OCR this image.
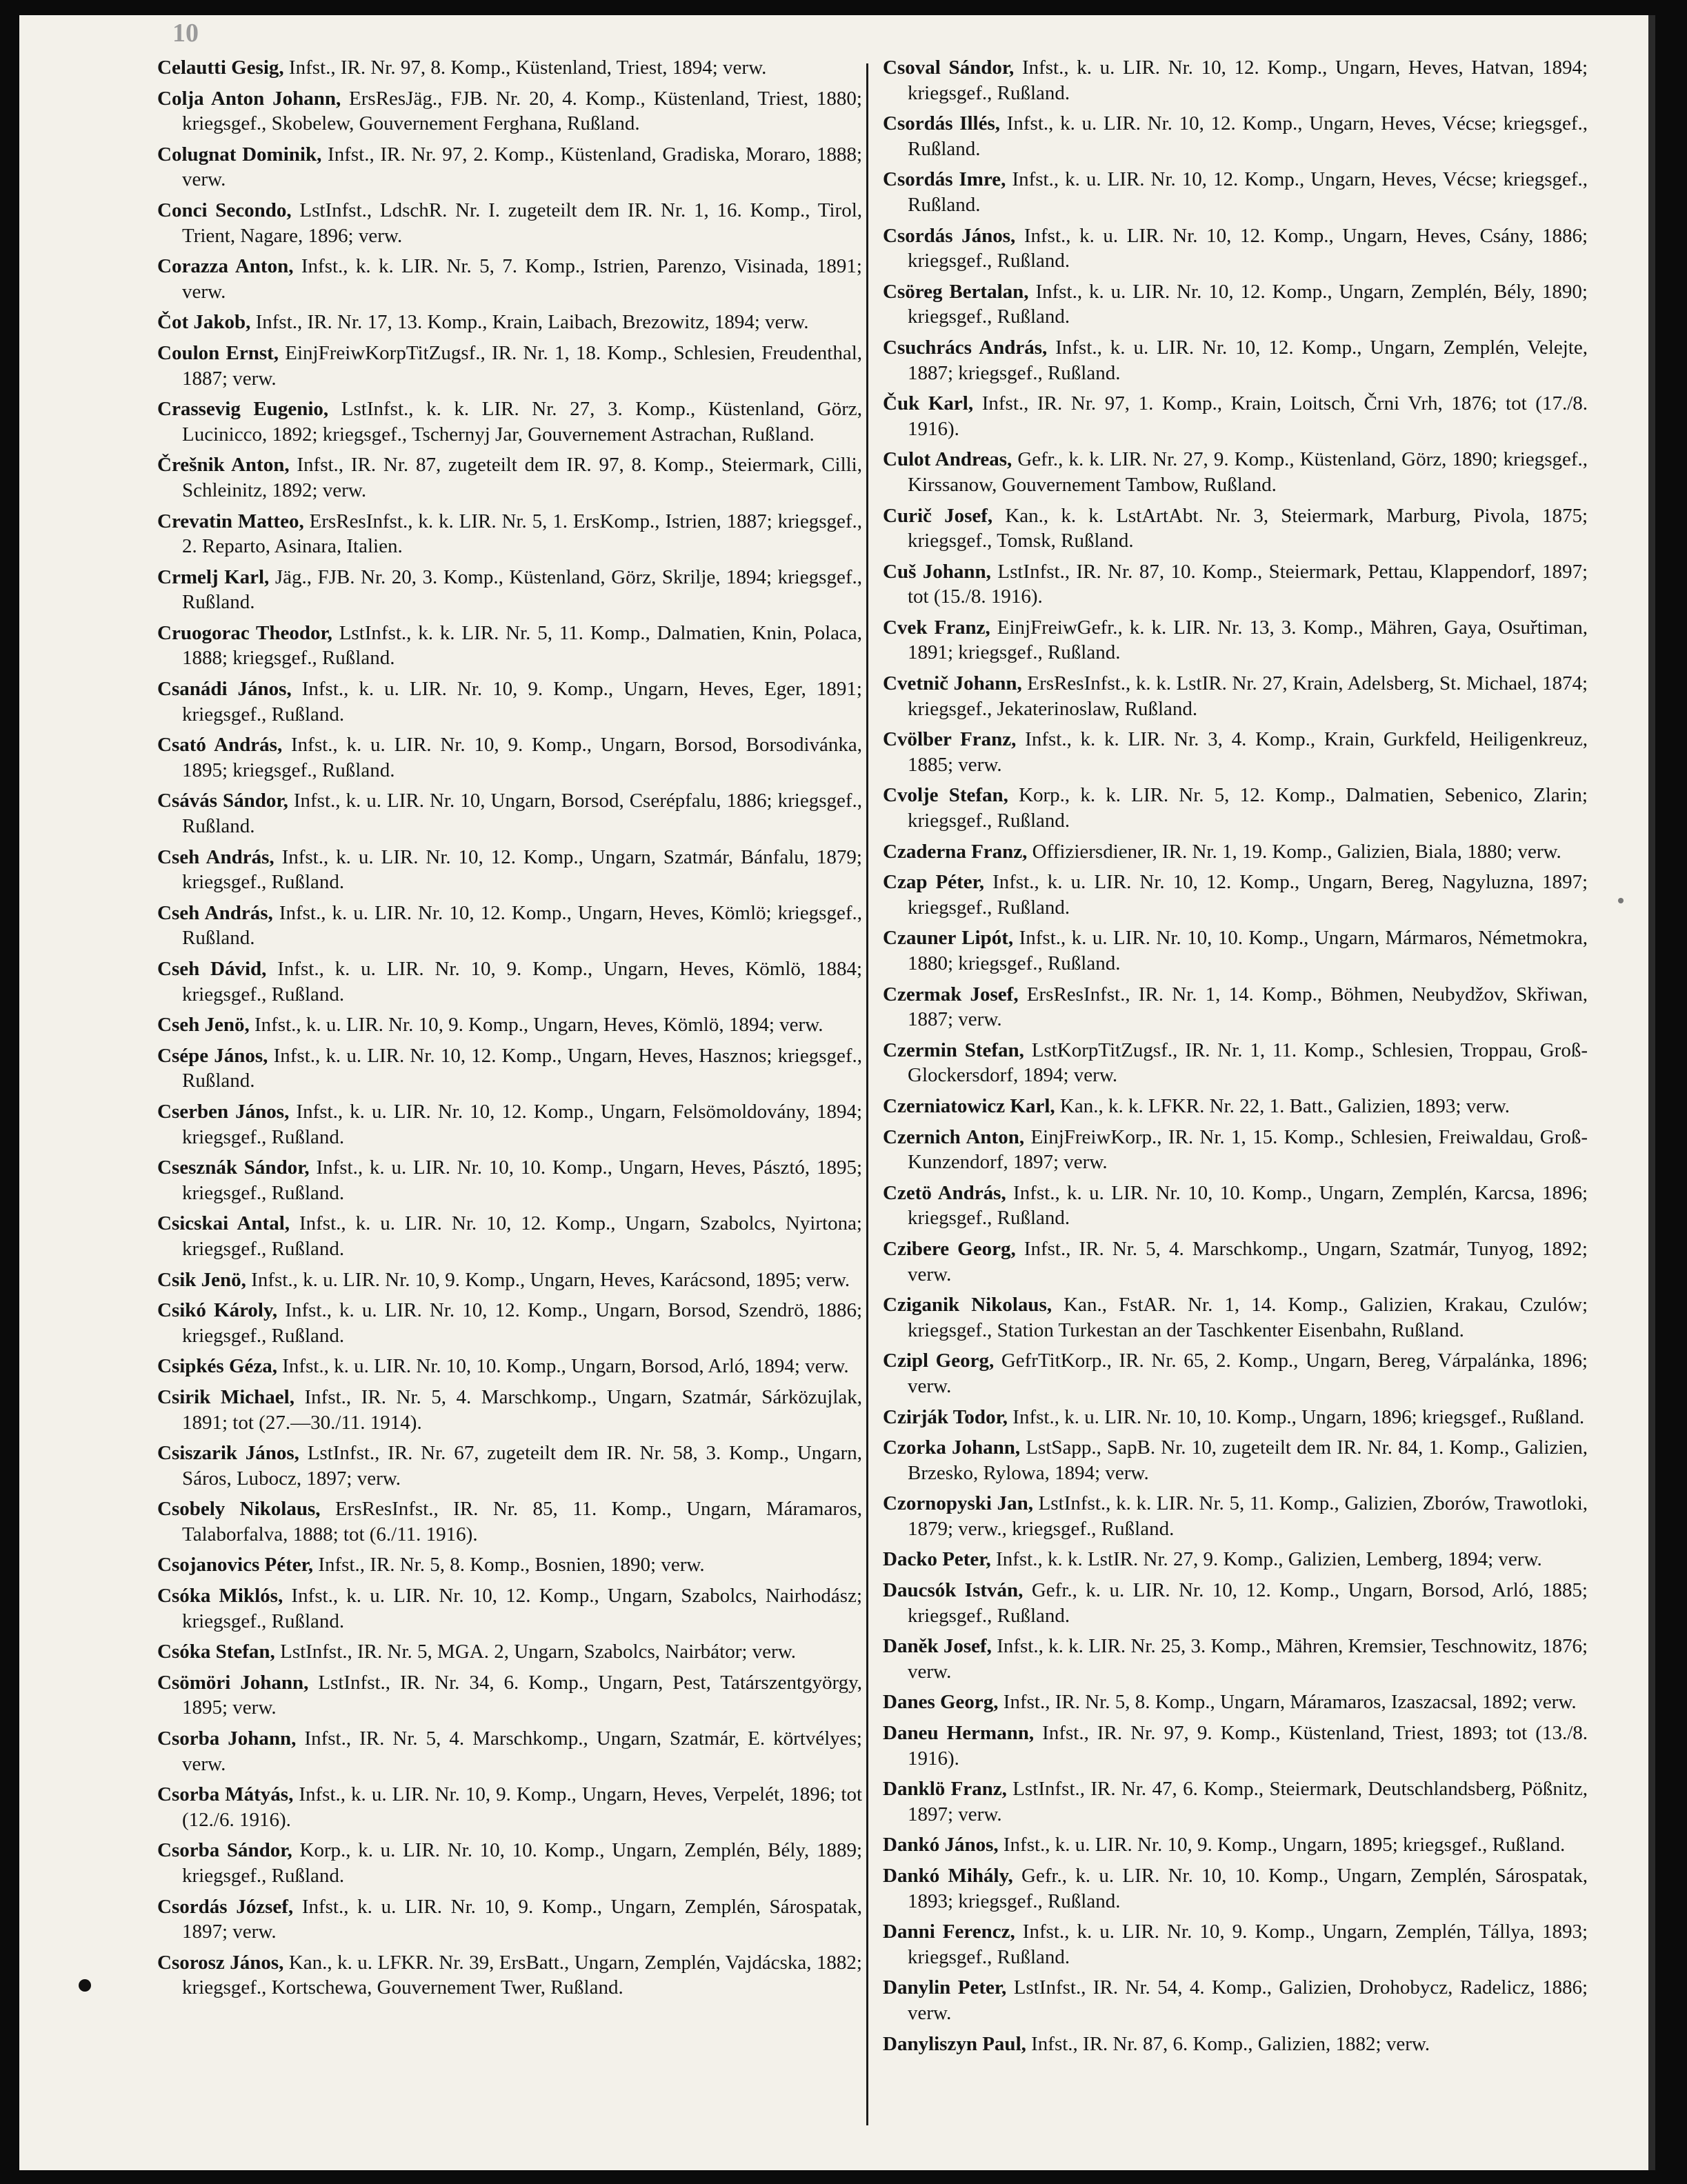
10

Celautti Gesig, Infst., IR. Nr. 97, 8. Komp., Küstenland, Triest, 1894; verw.

Colja Anton Johann, ErsResJäg., FJB. Nr. 20, 4. Komp., Küstenland, Triest, 1880; kriegsgef., Skobelew, Gouvernement Ferghana, Rußland.

Colugnat Dominik, Infst., IR. Nr. 97, 2. Komp., Küstenland, Gradiska, Moraro, 1888; verw.

Conci Secondo, LstInfst., LdschR. Nr. I. zugeteilt dem IR. Nr. 1, 16. Komp., Tirol, Trient, Nagare, 1896; verw.

Corazza Anton, Infst., k. k. LIR. Nr. 5, 7. Komp., Istrien, Parenzo, Visinada, 1891; verw.

Čot Jakob, Infst., IR. Nr. 17, 13. Komp., Krain, Laibach, Brezowitz, 1894; verw.

Coulon Ernst, EinjFreiwKorpTitZugsf., IR. Nr. 1, 18. Komp., Schlesien, Freudenthal, 1887; verw.

Crassevig Eugenio, LstInfst., k. k. LIR. Nr. 27, 3. Komp., Küstenland, Görz, Lucinicco, 1892; kriegsgef., Tschernyj Jar, Gouvernement Astrachan, Rußland.

Črešnik Anton, Infst., IR. Nr. 87, zugeteilt dem IR. 97, 8. Komp., Steiermark, Cilli, Schleinitz, 1892; verw.

Crevatin Matteo, ErsResInfst., k. k. LIR. Nr. 5, 1. ErsKomp., Istrien, 1887; kriegsgef., 2. Reparto, Asinara, Italien.

Crmelj Karl, Jäg., FJB. Nr. 20, 3. Komp., Küstenland, Görz, Skrilje, 1894; kriegsgef., Rußland.

Cruogorac Theodor, LstInfst., k. k. LIR. Nr. 5, 11. Komp., Dalmatien, Knin, Polaca, 1888; kriegsgef., Rußland.

Csanádi János, Infst., k. u. LIR. Nr. 10, 9. Komp., Ungarn, Heves, Eger, 1891; kriegsgef., Rußland.

Csató András, Infst., k. u. LIR. Nr. 10, 9. Komp., Ungarn, Borsod, Borsodivánka, 1895; kriegsgef., Rußland.

Csávás Sándor, Infst., k. u. LIR. Nr. 10, Ungarn, Borsod, Cserépfalu, 1886; kriegsgef., Rußland.

Cseh András, Infst., k. u. LIR. Nr. 10, 12. Komp., Ungarn, Szatmár, Bánfalu, 1879; kriegsgef., Rußland.

Cseh András, Infst., k. u. LIR. Nr. 10, 12. Komp., Ungarn, Heves, Kömlö; kriegsgef., Rußland.

Cseh Dávid, Infst., k. u. LIR. Nr. 10, 9. Komp., Ungarn, Heves, Kömlö, 1884; kriegsgef., Rußland.

Cseh Jenö, Infst., k. u. LIR. Nr. 10, 9. Komp., Ungarn, Heves, Kömlö, 1894; verw.

Csépe János, Infst., k. u. LIR. Nr. 10, 12. Komp., Ungarn, Heves, Hasznos; kriegsgef., Rußland.

Cserben János, Infst., k. u. LIR. Nr. 10, 12. Komp., Ungarn, Felsömoldovány, 1894; kriegsgef., Rußland.

Csesznák Sándor, Infst., k. u. LIR. Nr. 10, 10. Komp., Ungarn, Heves, Pásztó, 1895; kriegsgef., Rußland.

Csicskai Antal, Infst., k. u. LIR. Nr. 10, 12. Komp., Ungarn, Szabolcs, Nyirtona; kriegsgef., Rußland.

Csik Jenö, Infst., k. u. LIR. Nr. 10, 9. Komp., Ungarn, Heves, Karácsond, 1895; verw.

Csikó Károly, Infst., k. u. LIR. Nr. 10, 12. Komp., Ungarn, Borsod, Szendrö, 1886; kriegsgef., Rußland.

Csipkés Géza, Infst., k. u. LIR. Nr. 10, 10. Komp., Ungarn, Borsod, Arló, 1894; verw.

Csirik Michael, Infst., IR. Nr. 5, 4. Marschkomp., Ungarn, Szatmár, Sárközujlak, 1891; tot (27.—30./11. 1914).

Csiszarik János, LstInfst., IR. Nr. 67, zugeteilt dem IR. Nr. 58, 3. Komp., Ungarn, Sáros, Lubocz, 1897; verw.

Csobely Nikolaus, ErsResInfst., IR. Nr. 85, 11. Komp., Ungarn, Máramaros, Talaborfalva, 1888; tot (6./11. 1916).

Csojanovics Péter, Infst., IR. Nr. 5, 8. Komp., Bosnien, 1890; verw.

Csóka Miklós, Infst., k. u. LIR. Nr. 10, 12. Komp., Ungarn, Szabolcs, Nairhodász; kriegsgef., Rußland.

Csóka Stefan, LstInfst., IR. Nr. 5, MGA. 2, Ungarn, Szabolcs, Nairbátor; verw.

Csömöri Johann, LstInfst., IR. Nr. 34, 6. Komp., Ungarn, Pest, Tatárszentgyörgy, 1895; verw.

Csorba Johann, Infst., IR. Nr. 5, 4. Marschkomp., Ungarn, Szatmár, E. körtvélyes; verw.

Csorba Mátyás, Infst., k. u. LIR. Nr. 10, 9. Komp., Ungarn, Heves, Verpelét, 1896; tot (12./6. 1916).

Csorba Sándor, Korp., k. u. LIR. Nr. 10, 10. Komp., Ungarn, Zemplén, Bély, 1889; kriegsgef., Rußland.

Csordás József, Infst., k. u. LIR. Nr. 10, 9. Komp., Ungarn, Zemplén, Sárospatak, 1897; verw.

Csorosz János, Kan., k. u. LFKR. Nr. 39, ErsBatt., Ungarn, Zemplén, Vajdácska, 1882; kriegsgef., Kortschewa, Gouvernement Twer, Rußland.

Csoval Sándor, Infst., k. u. LIR. Nr. 10, 12. Komp., Ungarn, Heves, Hatvan, 1894; kriegsgef., Rußland.

Csordás Illés, Infst., k. u. LIR. Nr. 10, 12. Komp., Ungarn, Heves, Vécse; kriegsgef., Rußland.

Csordás Imre, Infst., k. u. LIR. Nr. 10, 12. Komp., Ungarn, Heves, Vécse; kriegsgef., Rußland.

Csordás János, Infst., k. u. LIR. Nr. 10, 12. Komp., Ungarn, Heves, Csány, 1886; kriegsgef., Rußland.

Csöreg Bertalan, Infst., k. u. LIR. Nr. 10, 12. Komp., Ungarn, Zemplén, Bély, 1890; kriegsgef., Rußland.

Csuchrács András, Infst., k. u. LIR. Nr. 10, 12. Komp., Ungarn, Zemplén, Velejte, 1887; kriegsgef., Rußland.

Čuk Karl, Infst., IR. Nr. 97, 1. Komp., Krain, Loitsch, Črni Vrh, 1876; tot (17./8. 1916).

Culot Andreas, Gefr., k. k. LIR. Nr. 27, 9. Komp., Küstenland, Görz, 1890; kriegsgef., Kirssanow, Gouvernement Tambow, Rußland.

Curič Josef, Kan., k. k. LstArtAbt. Nr. 3, Steiermark, Marburg, Pivola, 1875; kriegsgef., Tomsk, Rußland.

Cuš Johann, LstInfst., IR. Nr. 87, 10. Komp., Steiermark, Pettau, Klappendorf, 1897; tot (15./8. 1916).

Cvek Franz, EinjFreiwGefr., k. k. LIR. Nr. 13, 3. Komp., Mähren, Gaya, Osuřtiman, 1891; kriegsgef., Rußland.

Cvetnič Johann, ErsResInfst., k. k. LstIR. Nr. 27, Krain, Adelsberg, St. Michael, 1874; kriegsgef., Jekaterinoslaw, Rußland.

Cvölber Franz, Infst., k. k. LIR. Nr. 3, 4. Komp., Krain, Gurkfeld, Heiligenkreuz, 1885; verw.

Cvolje Stefan, Korp., k. k. LIR. Nr. 5, 12. Komp., Dalmatien, Sebenico, Zlarin; kriegsgef., Rußland.

Czaderna Franz, Offiziersdiener, IR. Nr. 1, 19. Komp., Galizien, Biala, 1880; verw.

Czap Péter, Infst., k. u. LIR. Nr. 10, 12. Komp., Ungarn, Bereg, Nagyluzna, 1897; kriegsgef., Rußland.

Czauner Lipót, Infst., k. u. LIR. Nr. 10, 10. Komp., Ungarn, Mármaros, Németmokra, 1880; kriegsgef., Rußland.

Czermak Josef, ErsResInfst., IR. Nr. 1, 14. Komp., Böhmen, Neubydžov, Skřiwan, 1887; verw.

Czermin Stefan, LstKorpTitZugsf., IR. Nr. 1, 11. Komp., Schlesien, Troppau, Groß-Glockersdorf, 1894; verw.

Czerniatowicz Karl, Kan., k. k. LFKR. Nr. 22, 1. Batt., Galizien, 1893; verw.

Czernich Anton, EinjFreiwKorp., IR. Nr. 1, 15. Komp., Schlesien, Freiwaldau, Groß-Kunzendorf, 1897; verw.

Czetö András, Infst., k. u. LIR. Nr. 10, 10. Komp., Ungarn, Zemplén, Karcsa, 1896; kriegsgef., Rußland.

Czibere Georg, Infst., IR. Nr. 5, 4. Marschkomp., Ungarn, Szatmár, Tunyog, 1892; verw.

Cziganik Nikolaus, Kan., FstAR. Nr. 1, 14. Komp., Galizien, Krakau, Czulów; kriegsgef., Station Turkestan an der Taschkenter Eisenbahn, Rußland.

Czipl Georg, GefrTitKorp., IR. Nr. 65, 2. Komp., Ungarn, Bereg, Várpalánka, 1896; verw.

Czirják Todor, Infst., k. u. LIR. Nr. 10, 10. Komp., Ungarn, 1896; kriegsgef., Rußland.

Czorka Johann, LstSapp., SapB. Nr. 10, zugeteilt dem IR. Nr. 84, 1. Komp., Galizien, Brzesko, Rylowa, 1894; verw.

Czornopyski Jan, LstInfst., k. k. LIR. Nr. 5, 11. Komp., Galizien, Zborów, Trawotloki, 1879; verw., kriegsgef., Rußland.

Dacko Peter, Infst., k. k. LstIR. Nr. 27, 9. Komp., Galizien, Lemberg, 1894; verw.

Daucsók István, Gefr., k. u. LIR. Nr. 10, 12. Komp., Ungarn, Borsod, Arló, 1885; kriegsgef., Rußland.

Daněk Josef, Infst., k. k. LIR. Nr. 25, 3. Komp., Mähren, Kremsier, Teschnowitz, 1876; verw.

Danes Georg, Infst., IR. Nr. 5, 8. Komp., Ungarn, Máramaros, Izaszacsal, 1892; verw.

Daneu Hermann, Infst., IR. Nr. 97, 9. Komp., Küstenland, Triest, 1893; tot (13./8. 1916).

Danklö Franz, LstInfst., IR. Nr. 47, 6. Komp., Steiermark, Deutschlandsberg, Pößnitz, 1897; verw.

Dankó János, Infst., k. u. LIR. Nr. 10, 9. Komp., Ungarn, 1895; kriegsgef., Rußland.

Dankó Mihály, Gefr., k. u. LIR. Nr. 10, 10. Komp., Ungarn, Zemplén, Sárospatak, 1893; kriegsgef., Rußland.

Danni Ferencz, Infst., k. u. LIR. Nr. 10, 9. Komp., Ungarn, Zemplén, Tállya, 1893; kriegsgef., Rußland.

Danylin Peter, LstInfst., IR. Nr. 54, 4. Komp., Galizien, Drohobycz, Radelicz, 1886; verw.

Danyliszyn Paul, Infst., IR. Nr. 87, 6. Komp., Galizien, 1882; verw.
